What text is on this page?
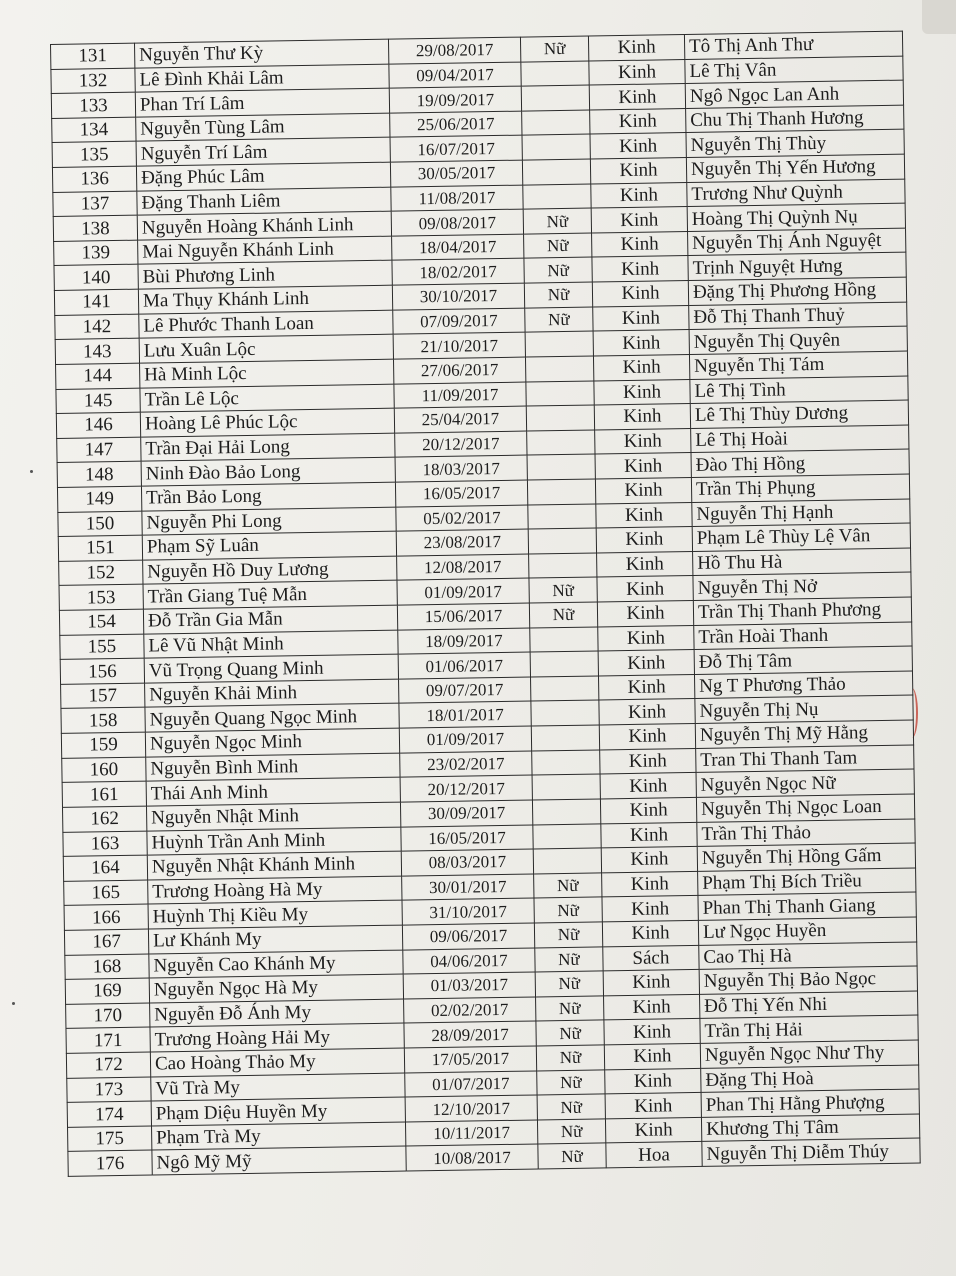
131	Nguyễn Thư Kỳ	29/08/2017	Nữ	Kinh	Tô Thị Anh Thư
132	Lê Đình Khải Lâm	09/04/2017		Kinh	Lê Thị Vân
133	Phan Trí Lâm	19/09/2017		Kinh	Ngô Ngọc Lan Anh
134	Nguyễn Tùng Lâm	25/06/2017		Kinh	Chu Thị Thanh Hương
135	Nguyễn Trí Lâm	16/07/2017		Kinh	Nguyễn Thị Thùy
136	Đặng Phúc Lâm	30/05/2017		Kinh	Nguyễn Thị Yến Hương
137	Đặng Thanh Liêm	11/08/2017		Kinh	Trương Như Quỳnh
138	Nguyễn Hoàng Khánh Linh	09/08/2017	Nữ	Kinh	Hoàng Thị Quỳnh Nụ
139	Mai Nguyễn Khánh Linh	18/04/2017	Nữ	Kinh	Nguyễn Thị Ánh Nguyệt
140	Bùi Phương Linh	18/02/2017	Nữ	Kinh	Trịnh Nguyệt Hưng
141	Ma Thụy Khánh Linh	30/10/2017	Nữ	Kinh	Đặng Thị Phương Hồng
142	Lê Phước Thanh Loan	07/09/2017	Nữ	Kinh	Đỗ Thị Thanh Thuỷ
143	Lưu Xuân Lộc	21/10/2017		Kinh	Nguyễn Thị Quyên
144	Hà Minh Lộc	27/06/2017		Kinh	Nguyễn Thị Tám
145	Trần Lê Lộc	11/09/2017		Kinh	Lê Thị Tình
146	Hoàng Lê Phúc Lộc	25/04/2017		Kinh	Lê Thị Thùy Dương
147	Trần Đại Hải Long	20/12/2017		Kinh	Lê Thị Hoài
148	Ninh Đào Bảo Long	18/03/2017		Kinh	Đào Thị Hồng
149	Trần Bảo Long	16/05/2017		Kinh	Trần Thị Phụng
150	Nguyễn Phi Long	05/02/2017		Kinh	Nguyễn Thị Hạnh
151	Phạm Sỹ Luân	23/08/2017		Kinh	Phạm Lê Thùy Lệ Vân
152	Nguyễn Hồ Duy Lương	12/08/2017		Kinh	Hồ Thu Hà
153	Trần Giang Tuệ Mẫn	01/09/2017	Nữ	Kinh	Nguyễn Thị Nở
154	Đỗ Trần Gia Mẫn	15/06/2017	Nữ	Kinh	Trần Thị Thanh Phương
155	Lê Vũ Nhật Minh	18/09/2017		Kinh	Trần Hoài Thanh
156	Vũ Trọng Quang Minh	01/06/2017		Kinh	Đỗ Thị Tâm
157	Nguyễn Khải Minh	09/07/2017		Kinh	Ng T Phương Thảo
158	Nguyễn Quang Ngọc Minh	18/01/2017		Kinh	Nguyễn Thị Nụ
159	Nguyễn Ngọc Minh	01/09/2017		Kinh	Nguyễn Thị Mỹ Hằng
160	Nguyễn Bình Minh	23/02/2017		Kinh	Tran Thi Thanh Tam
161	Thái Anh Minh	20/12/2017		Kinh	Nguyễn Ngọc Nữ
162	Nguyễn Nhật Minh	30/09/2017		Kinh	Nguyễn Thị Ngọc Loan
163	Huỳnh Trần Anh Minh	16/05/2017		Kinh	Trần Thị Thảo
164	Nguyễn Nhật Khánh Minh	08/03/2017		Kinh	Nguyễn Thị Hồng Gấm
165	Trương Hoàng Hà My	30/01/2017	Nữ	Kinh	Phạm Thị Bích Triều
166	Huỳnh Thị Kiều My	31/10/2017	Nữ	Kinh	Phan Thị Thanh Giang
167	Lư Khánh My	09/06/2017	Nữ	Kinh	Lư Ngọc Huyền
168	Nguyễn Cao Khánh My	04/06/2017	Nữ	Sách	Cao Thị Hà
169	Nguyễn Ngọc Hà My	01/03/2017	Nữ	Kinh	Nguyễn Thị Bảo Ngọc
170	Nguyễn Đỗ Ánh My	02/02/2017	Nữ	Kinh	Đỗ Thị Yến Nhi
171	Trương Hoàng Hải My	28/09/2017	Nữ	Kinh	Trần Thị Hải
172	Cao Hoàng Thảo My	17/05/2017	Nữ	Kinh	Nguyễn Ngọc Như Thy
173	Vũ Trà My	01/07/2017	Nữ	Kinh	Đặng Thị Hoà
174	Phạm Diệu Huyền My	12/10/2017	Nữ	Kinh	Phan Thị Hằng Phượng
175	Phạm Trà My	10/11/2017	Nữ	Kinh	Khương Thị Tâm
176	Ngô Mỹ Mỹ	10/08/2017	Nữ	Hoa	Nguyễn Thị Diễm Thúy
